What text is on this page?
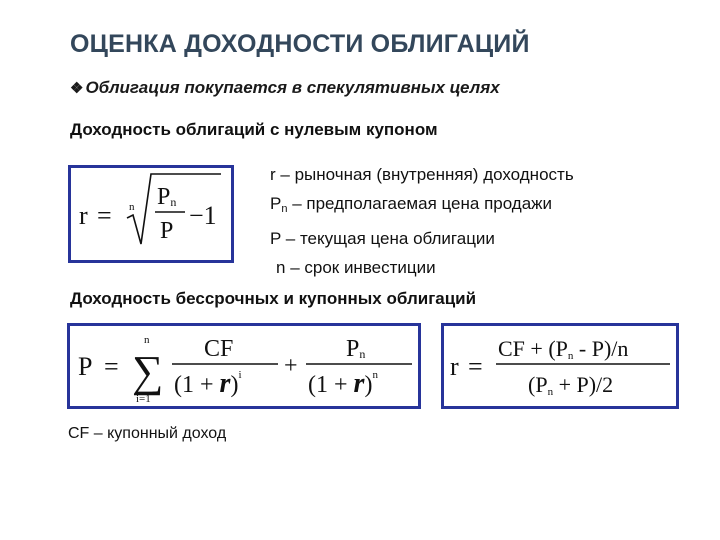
ОЦЕНКА ДОХОДНОСТИ ОБЛИГАЦИЙ
❖ Облигация покупается в спекулятивных целях
Доходность облигаций с нулевым купоном
r = n Pn
P
−1
r – рыночная (внутренняя) доходность
$P_n$ – предполагаемая цена продажи
P – текущая цена облигации
n – срок инвестиции
Доходность бессрочных и купонных облигаций
P =
n
∑
i=1
CF
$(1 + r)^i$ +
Pn
$(1 + r)^n$	r =
CF + (Pn - P)/n
(Pn + P)/2
CF – купонный доход
